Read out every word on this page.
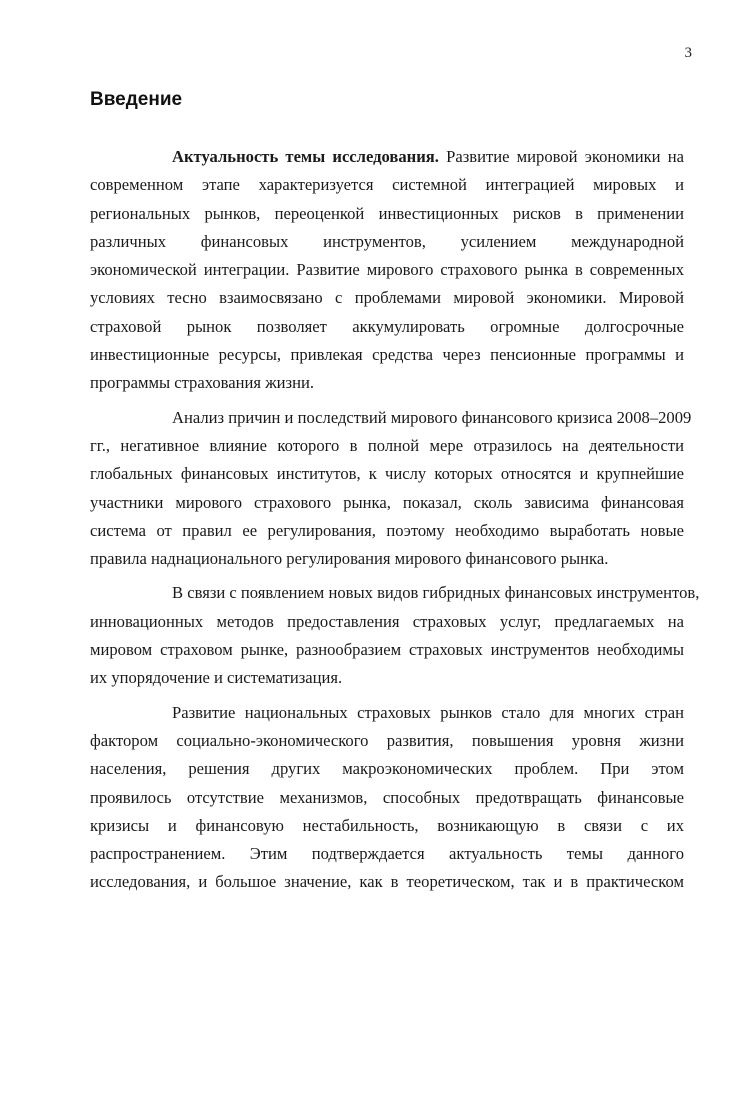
3
Введение
Актуальность темы исследования. Развитие мировой экономики на
современном этапе характеризуется системной интеграцией мировых и
региональных рынков, переоценкой инвестиционных рисков в применении
различных финансовых инструментов, усилением международной
экономической интеграции. Развитие мирового страхового рынка в современных
условиях тесно взаимосвязано с проблемами мировой экономики. Мировой
страховой рынок позволяет аккумулировать огромные долгосрочные
инвестиционные ресурсы, привлекая средства через пенсионные программы и
программы страхования жизни.
Анализ причин и последствий мирового финансового кризиса 2008–2009
гг., негативное влияние которого в полной мере отразилось на деятельности
глобальных финансовых институтов, к числу которых относятся и крупнейшие
участники мирового страхового рынка, показал, сколь зависима финансовая
система от правил ее регулирования, поэтому необходимо выработать новые
правила наднационального регулирования мирового финансового рынка.
В связи с появлением новых видов гибридных финансовых инструментов,
инновационных методов предоставления страховых услуг, предлагаемых на
мировом страховом рынке, разнообразием страховых инструментов необходимы
их упорядочение и систематизация.
Развитие национальных страховых рынков стало для многих стран
фактором социально-экономического развития, повышения уровня жизни
населения, решения других макроэкономических проблем. При этом
проявилось отсутствие механизмов, способных предотвращать финансовые
кризисы и финансовую нестабильность, возникающую в связи с их
распространением. Этим подтверждается актуальность темы данного
исследования, и большое значение, как в теоретическом, так и в практическом
